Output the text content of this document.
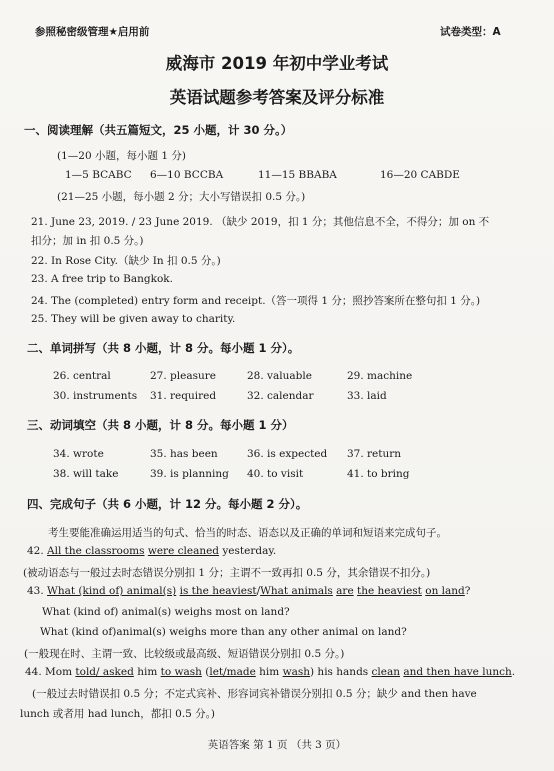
参照秘密级管理★启用前	试卷类型：A
威海市 2019 年初中学业考试
英语试题参考答案及评分标准
一、阅读理解（共五篇短文，25 小题，计 30 分。）
(1—20 小题，每小题 1 分)
1—5 BCABC 6—10 BCCBA	11—15 BBABA	16—20 CABDE
(21—25 小题，每小题 2 分；大小写错误扣 0.5 分。)
21. June 23, 2019. / 23 June 2019. （缺少 2019，扣 1 分；其他信息不全，不得分；加 on 不
扣分；加 in 扣 0.5 分。)
22. In Rose City.（缺少 In 扣 0.5 分。)
23. A free trip to Bangkok.
24. The (completed) entry form and receipt.（答一项得 1 分；照抄答案所在整句扣 1 分。)
25. They will be given away to charity.
二、单词拼写（共 8 小题，计 8 分。每小题 1 分）。
26. central	27. pleasure	28. valuable	29. machine
30. instruments 31. required	32. calendar	33. laid
三、动词填空（共 8 小题，计 8 分。每小题 1 分）
34. wrote	35. has been	36. is expected 37. return
38. will take	39. is planning 40. to visit	41. to bring
四、完成句子（共 6 小题，计 12 分。每小题 2 分）。
考生要能准确运用适当的句式、恰当的时态、语态以及正确的单词和短语来完成句子。
42. All the classrooms were cleaned yesterday.
(被动语态与一般过去时态错误分别扣 1 分；主谓不一致再扣 0.5 分，其余错误不扣分。)
43. What (kind of) animal(s) is the heaviest/What animals are the heaviest on land?
What (kind of) animal(s) weighs most on land?
What (kind of)animal(s) weighs more than any other animal on land?
(一般现在时、主谓一致、比较级或最高级、短语错误分别扣 0.5 分。)
44. Mom told/ asked him to wash (let/made him wash) his hands clean and then have lunch.
(一般过去时错误扣 0.5 分；不定式宾补、形容词宾补错误分别扣 0.5 分；缺少 and then have
lunch 或者用 had lunch，都扣 0.5 分。)
英语答案 第 1 页 （共 3 页）
